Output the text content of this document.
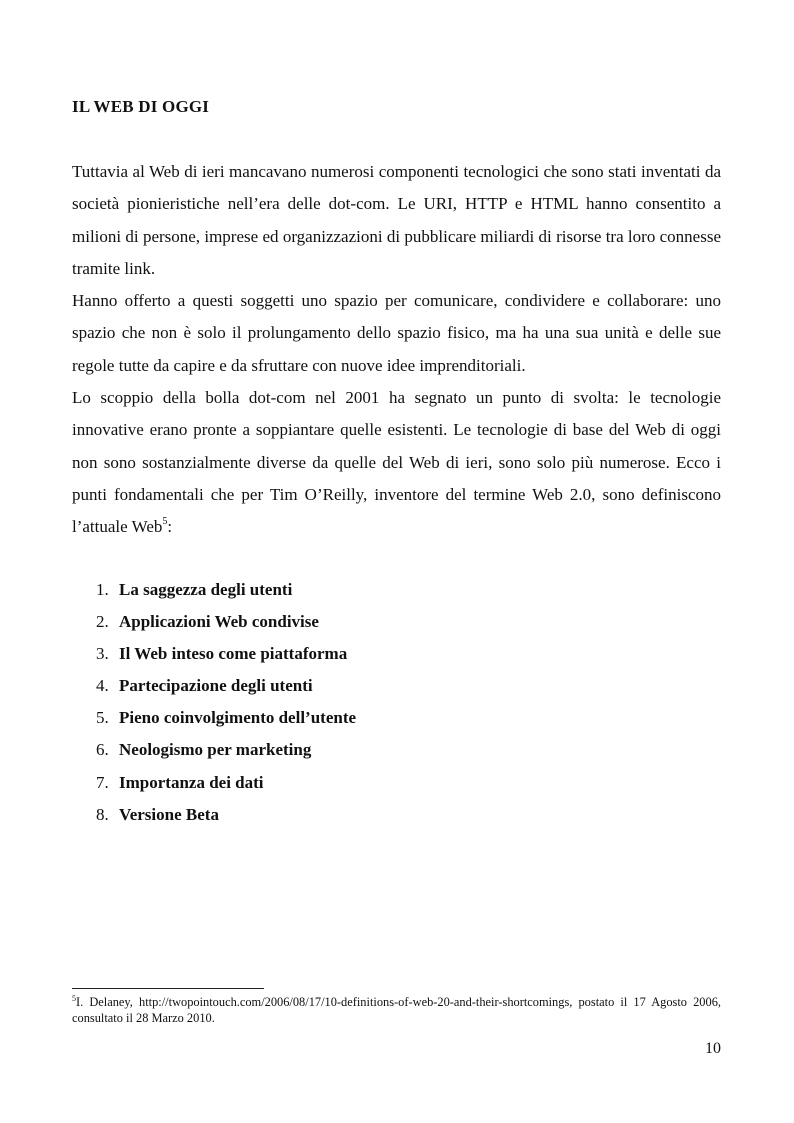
IL WEB DI OGGI

Tuttavia al Web di ieri mancavano numerosi componenti tecnologici che sono stati inventati da società pionieristiche nell’era delle dot-com. Le URI, HTTP e HTML hanno consentito a milioni di persone, imprese ed organizzazioni di pubblicare miliardi di risorse tra loro connesse tramite link.

Hanno offerto a questi soggetti uno spazio per comunicare, condividere e collaborare: uno spazio che non è solo il prolungamento dello spazio fisico, ma ha una sua unità e delle sue regole tutte da capire e da sfruttare con nuove idee imprenditoriali.

Lo scoppio della bolla dot-com nel 2001 ha segnato un punto di svolta: le tecnologie innovative erano pronte a soppiantare quelle esistenti. Le tecnologie di base del Web di oggi non sono sostanzialmente diverse da quelle del Web di ieri, sono solo più numerose. Ecco i punti fondamentali che per Tim O’Reilly, inventore del termine Web 2.0, sono definiscono l’attuale Web$^5$:

1. La saggezza degli utenti
2. Applicazioni Web condivise
3. Il Web inteso come piattaforma
4. Partecipazione degli utenti
5. Pieno coinvolgimento dell’utente
6. Neologismo per marketing
7. Importanza dei dati
8. Versione Beta
$^5$I. Delaney, http://twopointouch.com/2006/08/17/10-definitions-of-web-20-and-their-shortcomings, postato il 17 Agosto 2006, consultato il 28 Marzo 2010.
10
